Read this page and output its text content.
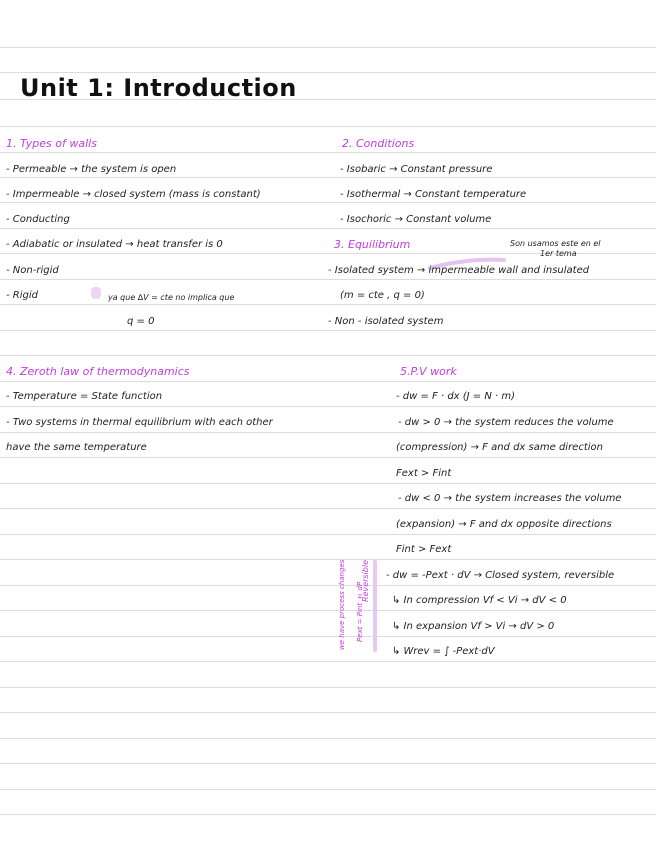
Unit 1: Introduction
1. Types of walls
- Permeable → the system is open
- Impermeable → closed system (mass is constant)
- Conducting
- Adiabatic or insulated → heat transfer is 0
- Non-rigid
- Rigid	ya que ∆V = cte no implica que
q = 0
2. Conditions
- Isobaric → Constant pressure
- Isothermal → Constant temperature
- Isochoric → Constant volume
3. Equilibrium	Son usamos este en el
1er tema
- Isolated system → impermeable wall and insulated
(m = cte , q = 0)
- Non - isolated system
4. Zeroth law of thermodynamics
- Temperature = State function
- Two systems in thermal equilibrium with each other
have the same temperature
5.P.V work
- dw = F · dx (J = N · m)
- dw > 0 → the system reduces the volume
(compression) → F and dx same direction
Fext > Fint
- dw < 0 → the system increases the volume
(expansion) → F and dx opposite directions
Fint > Fext
- dw = -Pext · dV → Closed system, reversible
↳ In compression Vf < Vi → dV < 0
↳ In expansion Vf > Vi → dV > 0
↳ Wrev = ∫ -Pext·dV
we have process changes	Pext = Pint ± dP
Reversible
